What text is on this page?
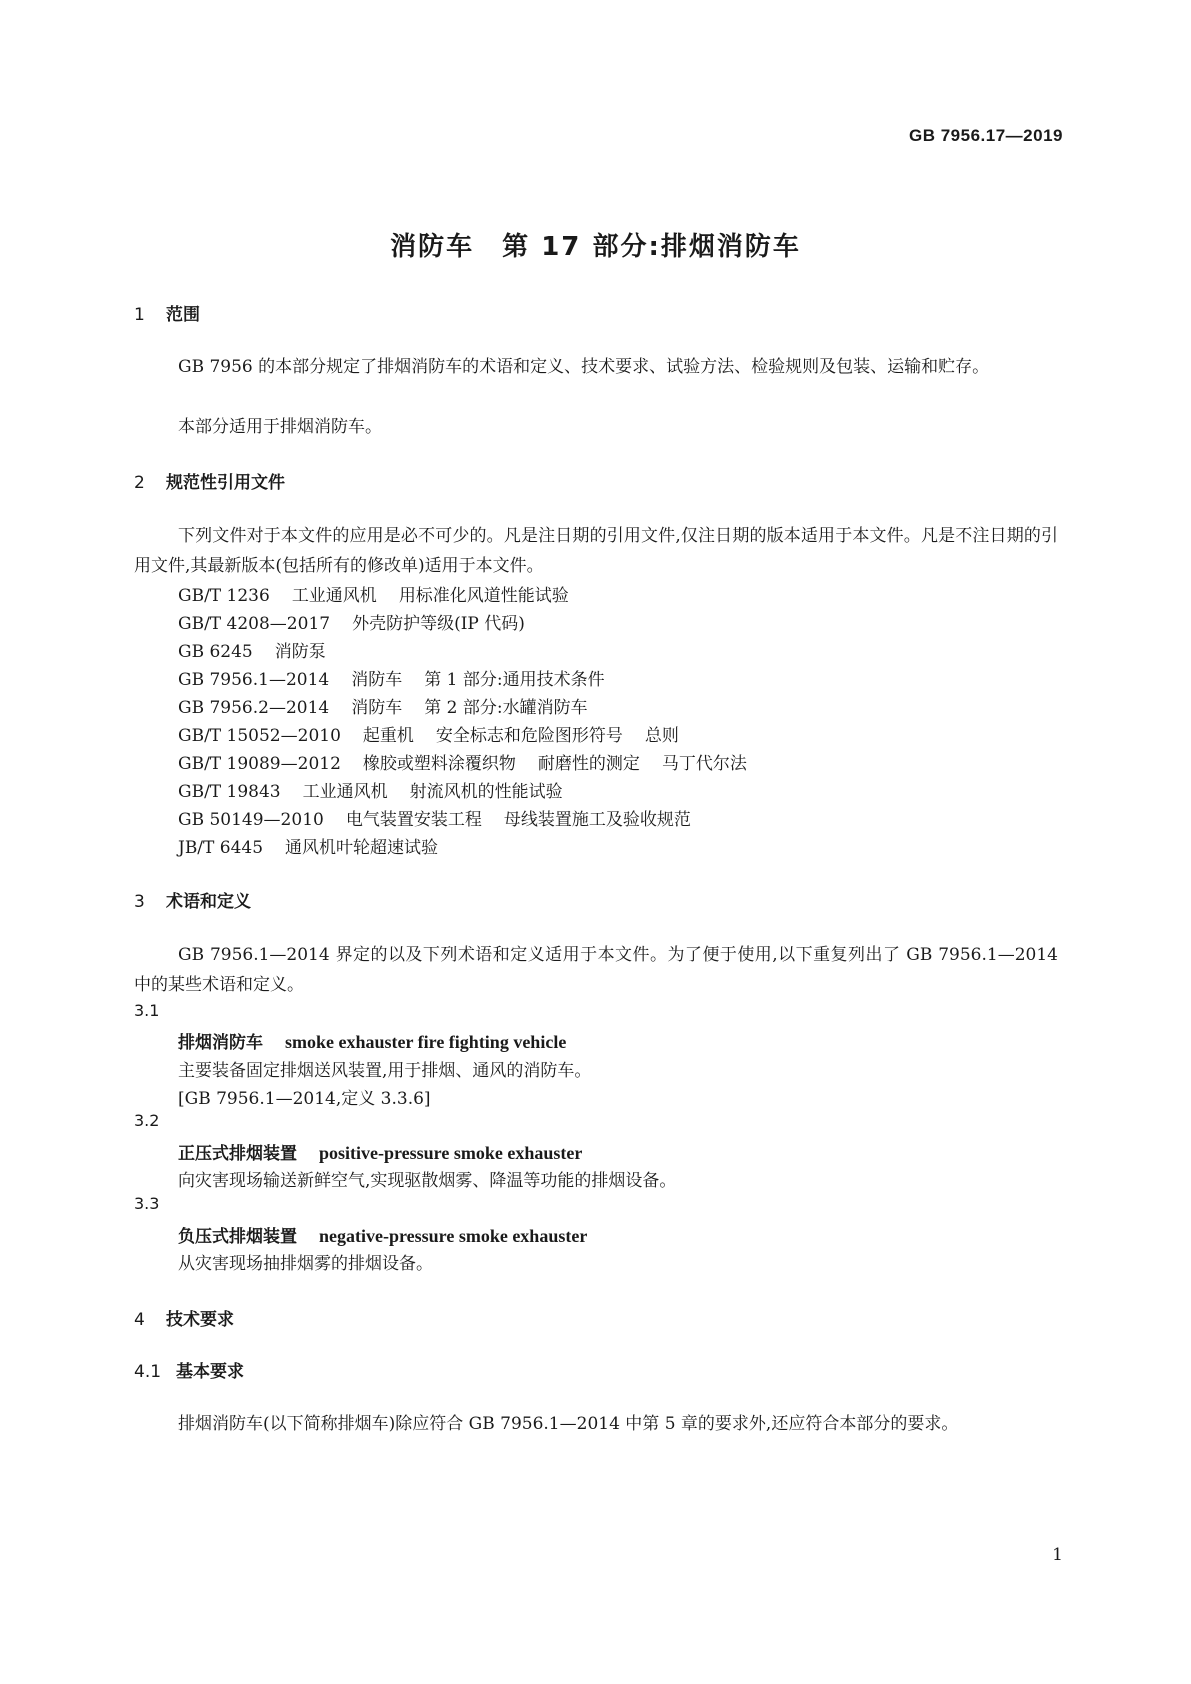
GB 7956.17—2019
消防车　第 17 部分:排烟消防车
1 范围
GB 7956 的本部分规定了排烟消防车的术语和定义、技术要求、试验方法、检验规则及包装、运输和贮存。
本部分适用于排烟消防车。
2 规范性引用文件
下列文件对于本文件的应用是必不可少的。凡是注日期的引用文件,仅注日期的版本适用于本文件。凡是不注日期的引用文件,其最新版本(包括所有的修改单)适用于本文件。
GB/T 1236 工业通风机 用标准化风道性能试验
GB/T 4208—2017 外壳防护等级(IP 代码)
GB 6245 消防泵
GB 7956.1—2014 消防车 第 1 部分:通用技术条件
GB 7956.2—2014 消防车 第 2 部分:水罐消防车
GB/T 15052—2010 起重机 安全标志和危险图形符号 总则
GB/T 19089—2012 橡胶或塑料涂覆织物 耐磨性的测定 马丁代尔法
GB/T 19843 工业通风机 射流风机的性能试验
GB 50149—2010 电气装置安装工程 母线装置施工及验收规范
JB/T 6445 通风机叶轮超速试验
3 术语和定义
GB 7956.1—2014 界定的以及下列术语和定义适用于本文件。为了便于使用,以下重复列出了 GB 7956.1—2014 中的某些术语和定义。
3.1
排烟消防车 smoke exhauster fire fighting vehicle
主要装备固定排烟送风装置,用于排烟、通风的消防车。
[GB 7956.1—2014,定义 3.3.6]
3.2
正压式排烟装置 positive-pressure smoke exhauster
向灾害现场输送新鲜空气,实现驱散烟雾、降温等功能的排烟设备。
3.3
负压式排烟装置 negative-pressure smoke exhauster
从灾害现场抽排烟雾的排烟设备。
4 技术要求
4.1 基本要求
排烟消防车(以下简称排烟车)除应符合 GB 7956.1—2014 中第 5 章的要求外,还应符合本部分的要求。
1
